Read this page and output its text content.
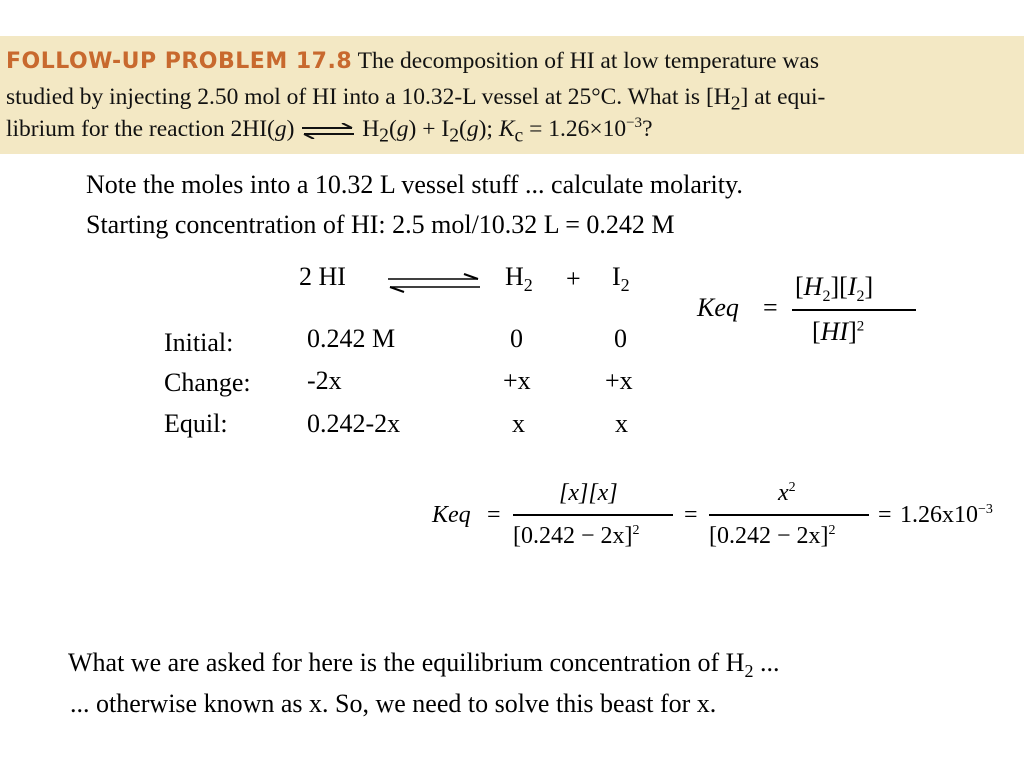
FOLLOW-UP PROBLEM 17.8 The decomposition of HI at low temperature was
studied by injecting 2.50 mol of HI into a 10.32-L vessel at 25°C. What is $[H_2]$ at equi-
librium for the reaction 2HI(g) ⇌ $H_2(g) + I_2(g)$; $K_c = 1.26\times 10^{-3}$?
Note the moles into a 10.32 L vessel stuff ... calculate molarity.
Starting concentration of HI: 2.5 mol/10.32 L = 0.242 M
2 HI	$H_2 + I_2$
Keq =
$[H_2][I_2]$
[HI]$^2$
Initial:
Change:
Equil:
0.242 M
-2x
0.242-2x
0
+x
x
0
+x
x
Keq =
[x][x]
$[0.242 - 2x]^2$
=
$x^2$
$[0.242 - 2x]^2$
= $1.26x10^{-3}$
What we are asked for here is the equilibrium concentration of $H_2$ ...
... otherwise known as x. So, we need to solve this beast for x.
